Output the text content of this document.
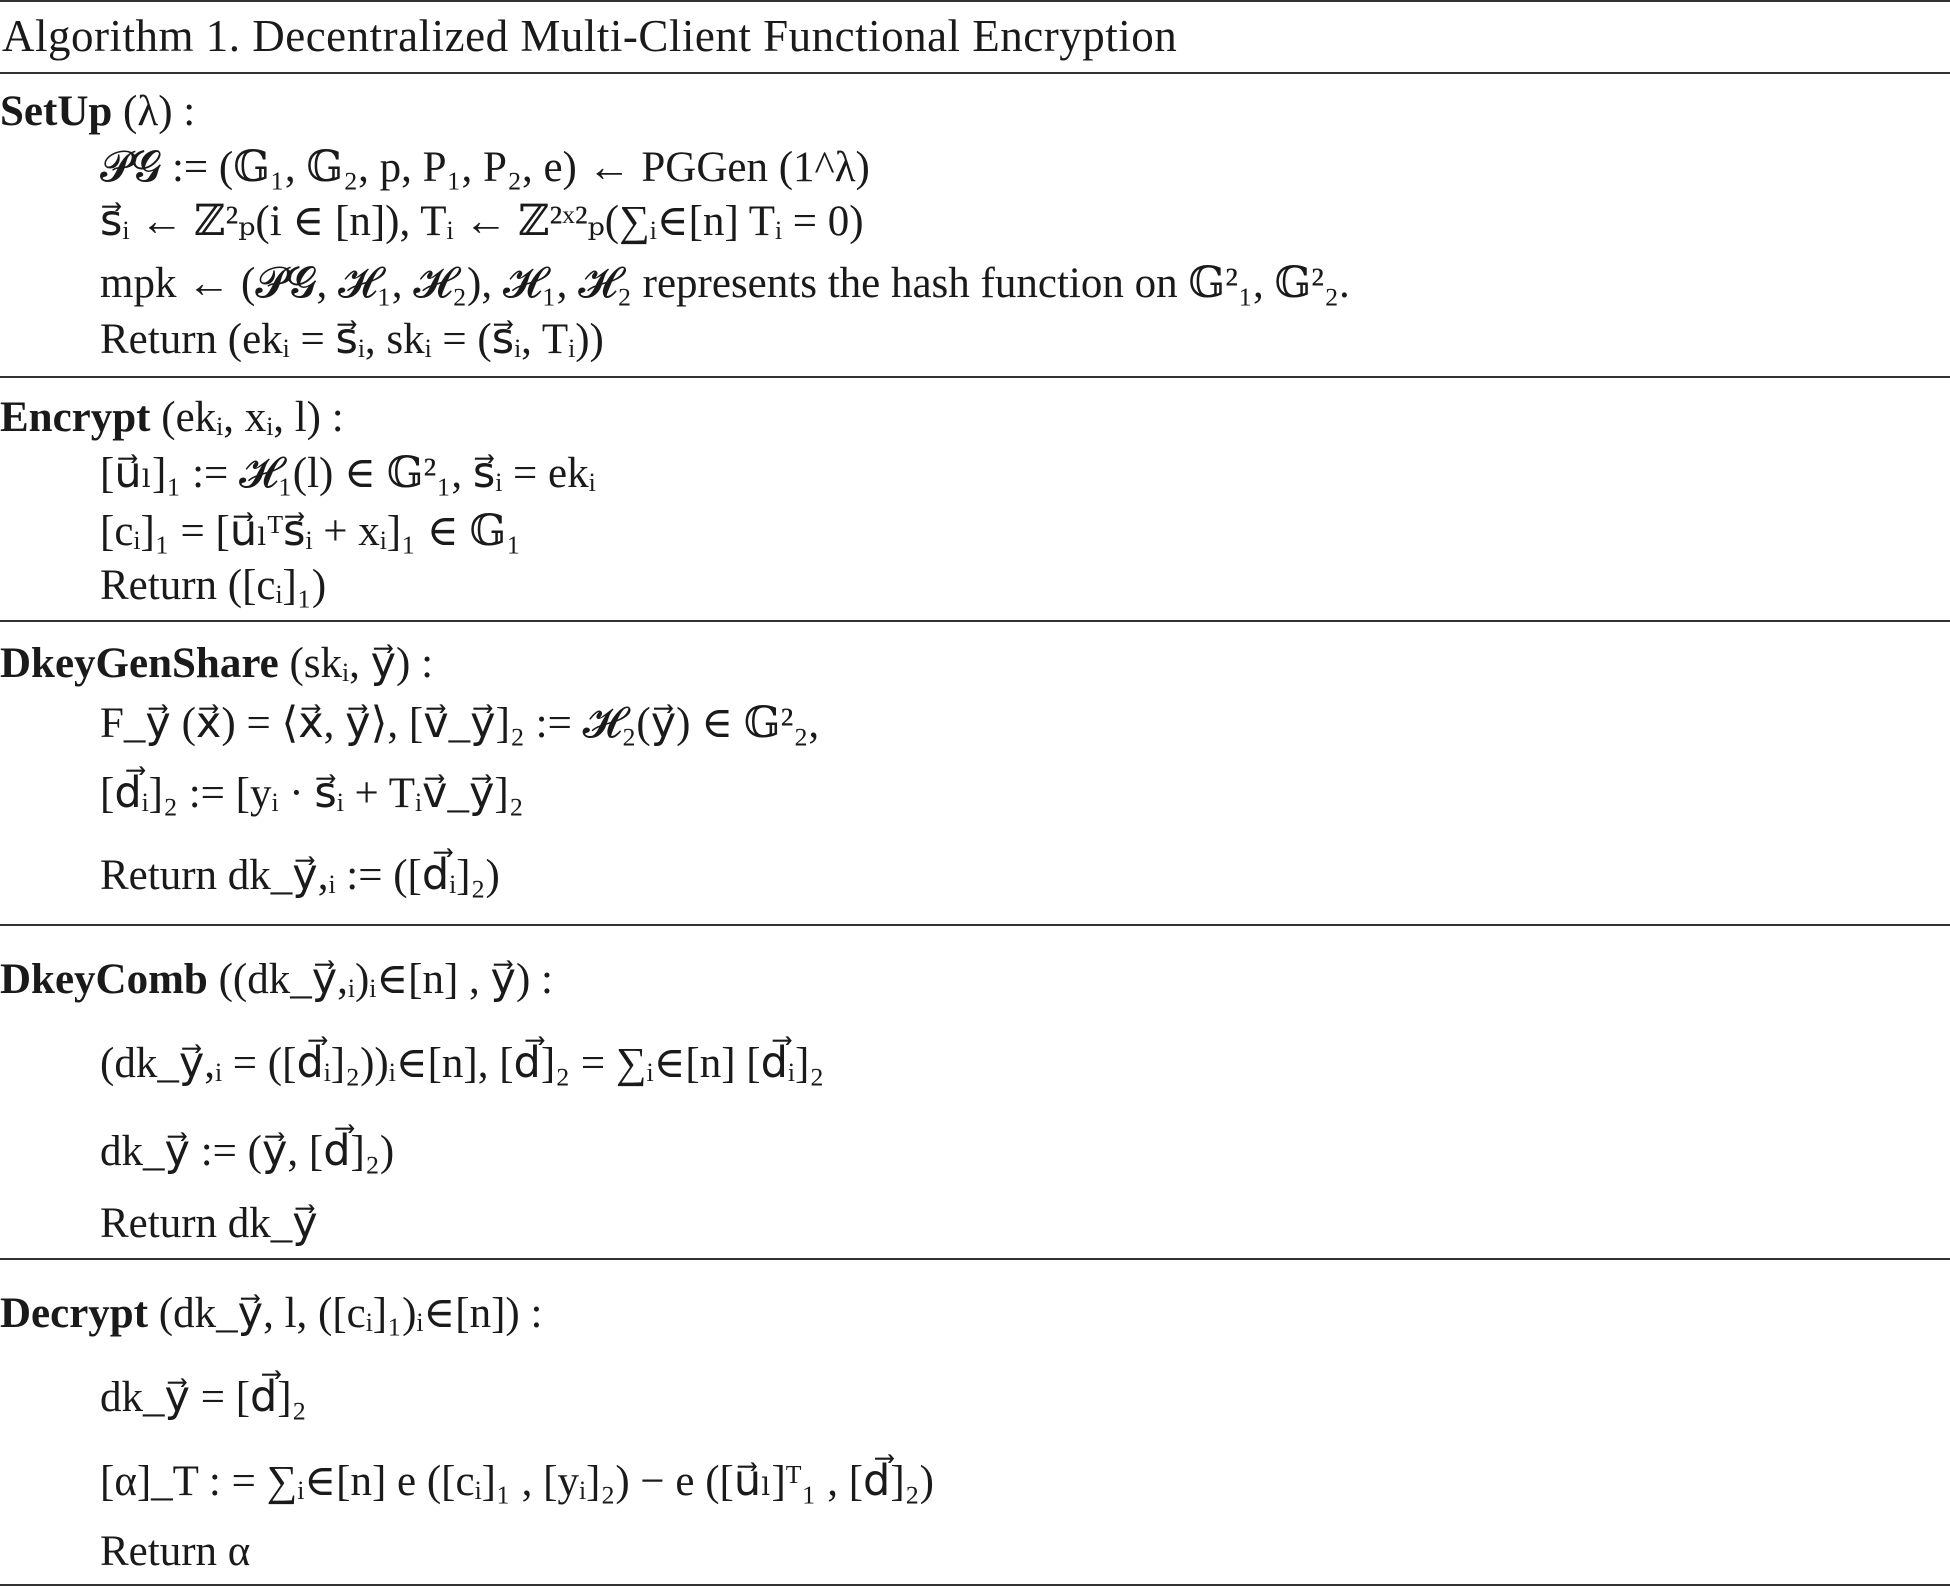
Algorithm 1. Decentralized Multi-Client Functional Encryption
SetUp (λ) :
𝓟𝓖 := (𝔾₁, 𝔾₂, p, P₁, P₂, e) ← PGGen (1^λ)
s⃗ᵢ ← ℤ²ₚ(i ∈ [n]), Tᵢ ← ℤ²ˣ²ₚ(∑ᵢ∈[n] Tᵢ = 0)
mpk ← (𝓟𝓖, 𝓗₁, 𝓗₂), 𝓗₁, 𝓗₂ represents the hash function on 𝔾²₁, 𝔾²₂.
Return (ekᵢ = s⃗ᵢ, skᵢ = (s⃗ᵢ, Tᵢ))
Encrypt (ekᵢ, xᵢ, l) :
[u⃗ₗ]₁ := 𝓗₁(l) ∈ 𝔾²₁, s⃗ᵢ = ekᵢ
[cᵢ]₁ = [u⃗ₗᵀs⃗ᵢ + xᵢ]₁ ∈ 𝔾₁
Return ([cᵢ]₁)
DkeyGenShare (skᵢ, y⃗) :
F_y⃗ (x⃗) = ⟨x⃗, y⃗⟩, [v⃗_y⃗]₂ := 𝓗₂(y⃗) ∈ 𝔾²₂,
[d⃗ᵢ]₂ := [yᵢ · s⃗ᵢ + Tᵢv⃗_y⃗]₂
Return dk_y⃗,ᵢ := ([d⃗ᵢ]₂)
DkeyComb ((dk_y⃗,ᵢ)ᵢ∈[n] , y⃗) :
(dk_y⃗,ᵢ = ([d⃗ᵢ]₂))ᵢ∈[n], [d⃗]₂ = ∑ᵢ∈[n] [d⃗ᵢ]₂
dk_y⃗ := (y⃗, [d⃗]₂)
Return dk_y⃗
Decrypt (dk_y⃗, l, ([cᵢ]₁)ᵢ∈[n]) :
dk_y⃗ = [d⃗]₂
[α]_T : = ∑ᵢ∈[n] e ([cᵢ]₁ , [yᵢ]₂) − e ([u⃗ₗ]ᵀ₁ , [d⃗]₂)
Return α
